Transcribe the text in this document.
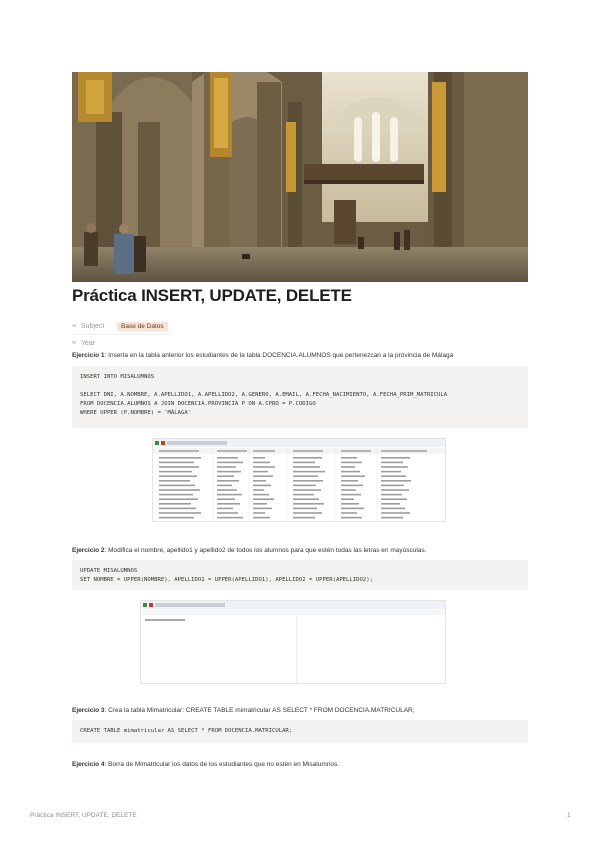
Práctica INSERT, UPDATE, DELETE
≡ Subject	Base de Datos
≡ Year
Ejercicio 1: Inserta en la tabla anterior los estudiantes de la tabla DOCENCIA.ALUMNOS que pertenezcan a la provincia de Málaga
INSERT INTO MISALUMNOS

SELECT DNI, A.NOMBRE, A.APELLIDO1, A.APELLIDO2, A.GENERO, A.EMAIL, A.FECHA_NACIMIENTO, A.FECHA_PRIM_MATRICULA
FROM DOCENCIA.ALUMNOS A JOIN DOCENCIA.PROVINCIA P ON A.CPRO = P.CODIGO
WHERE UPPER (P.NOMBRE) = 'MÁLAGA'
Ejercicio 2: Modifica el nombre, apellido1 y apellido2 de todos los alumnos para que estén todas las letras en mayúsculas.
UPDATE MISALUMNOS
SET NOMBRE = UPPER(NOMBRE), APELLIDO1 = UPPER(APELLIDO1), APELLIDO2 = UPPER(APELLIDO2);
Ejercicio 3: Crea la tabla Mimatricular: CREATE TABLE mimatricular AS SELECT * FROM DOCENCIA.MATRICULAR;
CREATE TABLE mimatricular AS SELECT * FROM DOCENCIA.MATRICULAR;
Ejercicio 4: Borra de Mimatricular los datos de los estudiantes que no estén en Misalumnos.
Práctica INSERT, UPDATE, DELETE	1
